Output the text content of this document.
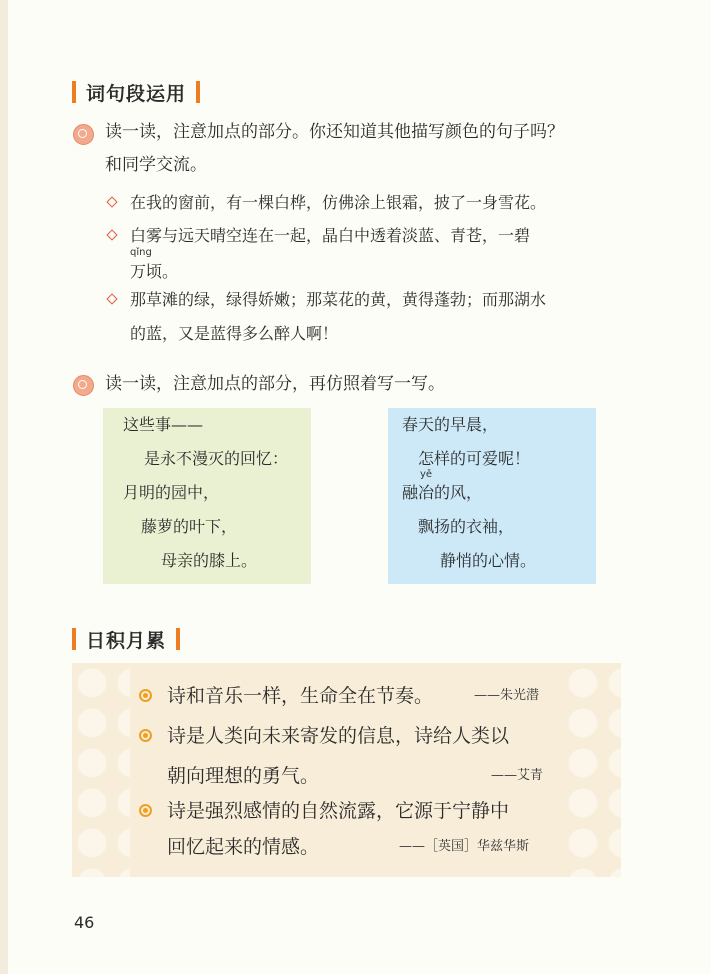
词句段运用
读一读，注意加点的部分。你还知道其他描写颜色的句子吗？
和同学交流。
在我的窗前，有一棵白桦，仿佛涂上银霜，披了一身雪花。
白雾与远天晴空连在一起，晶白中透着淡蓝、青苍，一碧
qǐng
万顷。
那草滩的绿，绿得娇嫩；那菜花的黄，黄得蓬勃；而那湖水
的蓝，又是蓝得多么醉人啊！
读一读，注意加点的部分，再仿照着写一写。
这些事——
是永不漫灭的回忆：
月明的园中，
藤萝的叶下，
母亲的膝上。
春天的早晨，
怎样的可爱呢！
yě
融冶的风，
飘扬的衣袖，
静悄的心情。
日积月累
诗和音乐一样，生命全在节奏。	——朱光潜
诗是人类向未来寄发的信息，诗给人类以
朝向理想的勇气。	——艾青
诗是强烈感情的自然流露，它源于宁静中
回忆起来的情感。	——［英国］华兹华斯
46
